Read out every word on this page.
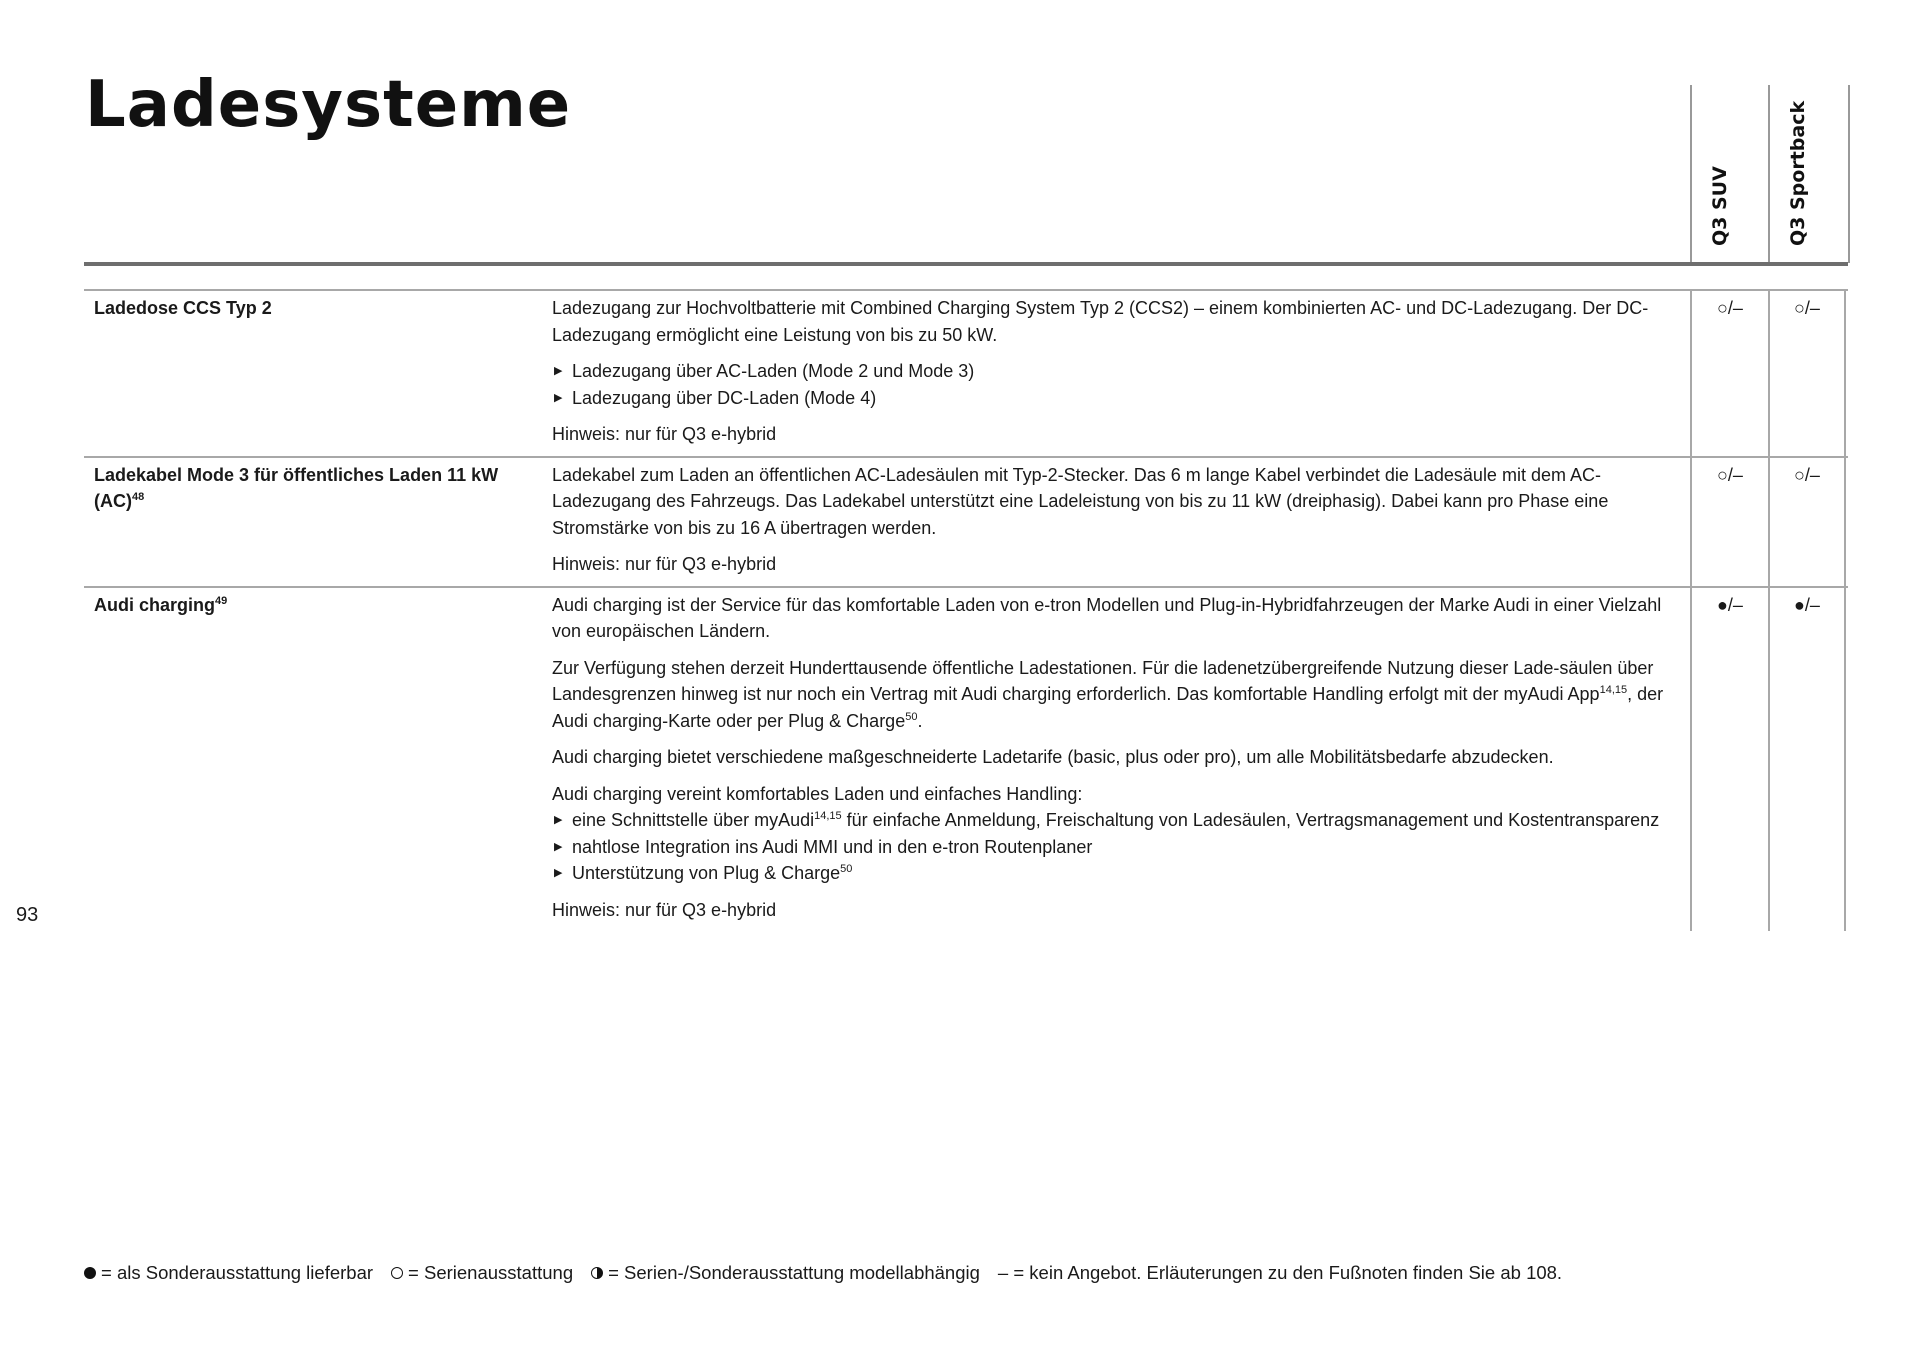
Ladesysteme
Q3 SUV	Q3 Sportback
Ladedose CCS Typ 2	Ladezugang zur Hochvoltbatterie mit Combined Charging System Typ 2 (CCS2) – einem kombinierten AC- und DC-Ladezugang. Der DC-Ladezugang ermöglicht eine Leistung von bis zu 50 kW.

▶ Ladezugang über AC-Laden (Mode 2 und Mode 3)
▶ Ladezugang über DC-Laden (Mode 4)

Hinweis: nur für Q3 e-hybrid

○/–	○/–
Ladekabel Mode 3 für öffentliches Laden 11 kW (AC)$^{48}$

Ladekabel zum Laden an öffentlichen AC-Ladesäulen mit Typ-2-Stecker. Das 6 m lange Kabel verbindet die Ladesäule mit dem AC-Ladezugang des Fahrzeugs. Das Ladekabel unterstützt eine Ladeleistung von bis zu 11 kW (dreiphasig). Dabei kann pro Phase eine Stromstärke von bis zu 16 A übertragen werden.

Hinweis: nur für Q3 e-hybrid

○/–	○/–
Audi charging$^{49}$	Audi charging ist der Service für das komfortable Laden von e-tron Modellen und Plug-in-Hybridfahrzeugen der Marke Audi in einer Vielzahl von europäischen Ländern.

Zur Verfügung stehen derzeit Hunderttausende öffentliche Ladestationen. Für die ladenetzübergreifende Nutzung dieser Lade-säulen über Landesgrenzen hinweg ist nur noch ein Vertrag mit Audi charging erforderlich. Das komfortable Handling erfolgt mit der myAudi App$^{14,15}$, der Audi charging-Karte oder per Plug & Charge$^{50}$.

Audi charging bietet verschiedene maßgeschneiderte Ladetarife (basic, plus oder pro), um alle Mobilitätsbedarfe abzudecken.

Audi charging vereint komfortables Laden und einfaches Handling:

▶ eine Schnittstelle über myAudi$^{14,15}$ für einfache Anmeldung, Freischaltung von Ladesäulen, Vertragsmanagement und Kostentransparenz
▶ nahtlose Integration ins Audi MMI und in den e-tron Routenplaner
▶ Unterstützung von Plug & Charge$^{50}$

Hinweis: nur für Q3 e-hybrid

●/–	●/–
93
= als Sonderausstattung lieferbar = Serienausstattung = Serien-/Sonderausstattung modellabhängig – = kein Angebot. Erläuterungen zu den Fußnoten finden Sie ab 108.
